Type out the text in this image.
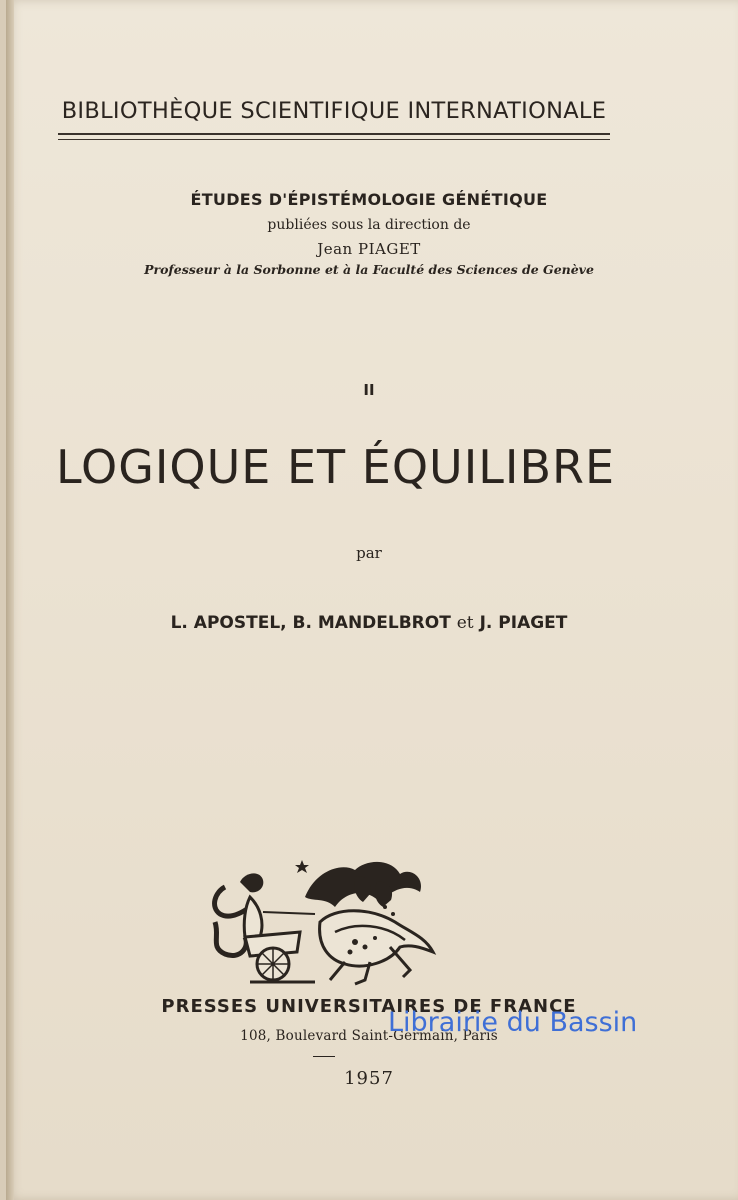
BIBLIOTHÈQUE SCIENTIFIQUE INTERNATIONALE
ÉTUDES D'ÉPISTÉMOLOGIE GÉNÉTIQUE
publiées sous la direction de
Jean PIAGET
Professeur à la Sorbonne et à la Faculté des Sciences de Genève
II
LOGIQUE ET ÉQUILIBRE
par
L. APOSTEL, B. MANDELBROT et J. PIAGET
PRESSES UNIVERSITAIRES DE FRANCE
108, Boulevard Saint-Germain, Paris
1957
Librairie du Bassin
